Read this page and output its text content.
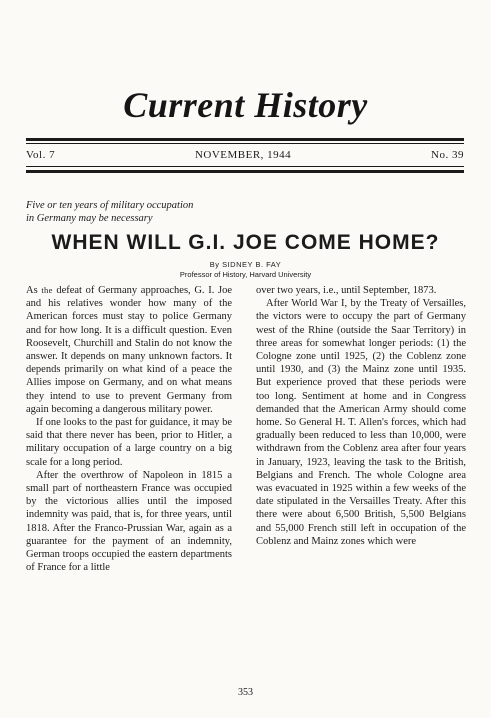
Current History
Vol. 7	NOVEMBER, 1944	No. 39
Five or ten years of military occupation
in Germany may be necessary
WHEN WILL G.I. JOE COME HOME?
By SIDNEY B. FAY
Professor of History, Harvard University

As the defeat of Germany approaches, G. I. Joe and his relatives wonder how many of the American forces must stay to police Germany and for how long. It is a difficult question. Even Roosevelt, Churchill and Stalin do not know the answer. It depends on many unknown factors. It depends primarily on what kind of a peace the Allies impose on Germany, and on what means they intend to use to prevent Germany from again becoming a dangerous military power.

If one looks to the past for guidance, it may be said that there never has been, prior to Hitler, a military occupation of a large country on a big scale for a long period.

After the overthrow of Napoleon in 1815 a small part of northeastern France was occupied by the victorious allies until the imposed indemnity was paid, that is, for three years, until 1818. After the Franco-Prussian War, again as a guarantee for the payment of an indemnity, German troops occupied the eastern departments of France for a little

over two years, i.e., until September, 1873.

After World War I, by the Treaty of Versailles, the victors were to occupy the part of Germany west of the Rhine (outside the Saar Territory) in three areas for somewhat longer periods: (1) the Cologne zone until 1925, (2) the Coblenz zone until 1930, and (3) the Mainz zone until 1935. But experience proved that these periods were too long. Sentiment at home and in Congress demanded that the American Army should come home. So General H. T. Allen's forces, which had gradually been reduced to less than 10,000, were withdrawn from the Coblenz area after four years in January, 1923, leaving the task to the British, Belgians and French. The whole Cologne area was evacuated in 1925 within a few weeks of the date stipulated in the Versailles Treaty. After this there were about 6,500 British, 5,500 Belgians and 55,000 French still left in occupation of the Coblenz and Mainz zones which were

353
